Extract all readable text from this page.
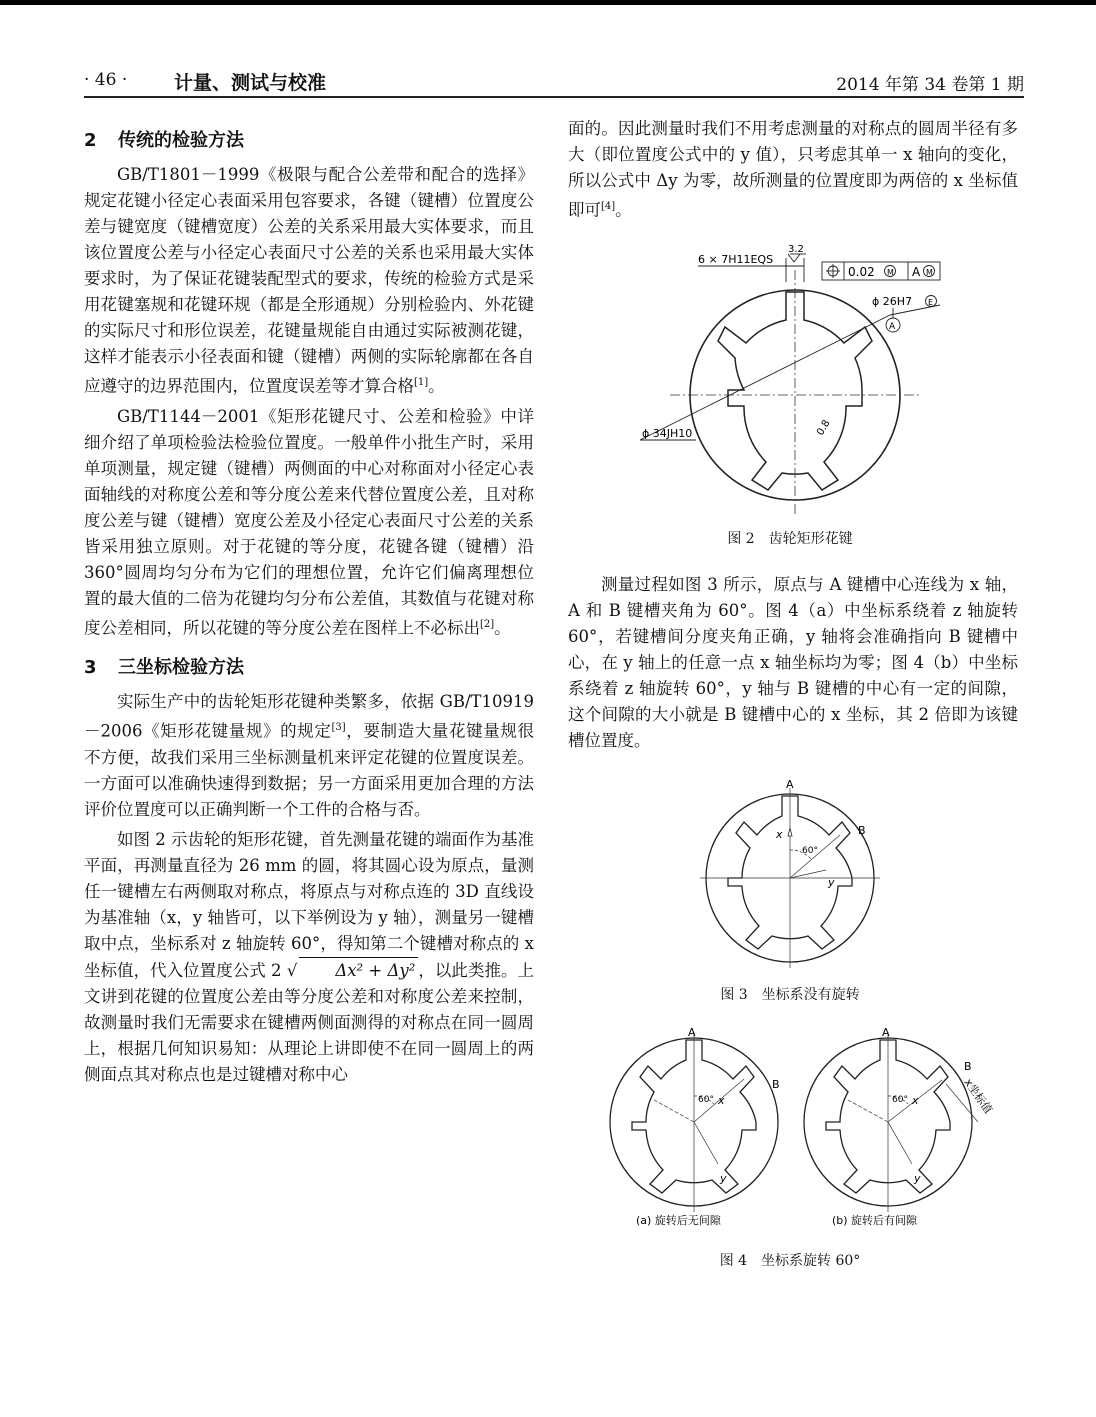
· 46 · 计量、测试与校准	2014 年第 34 卷第 1 期
2 传统的检验方法

GB/T1801－1999《极限与配合公差带和配合的选择》规定花键小径定心表面采用包容要求，各键（键槽）位置度公差与键宽度（键槽宽度）公差的关系采用最大实体要求，而且该位置度公差与小径定心表面尺寸公差的关系也采用最大实体要求时，为了保证花键装配型式的要求，传统的检验方式是采用花键塞规和花键环规（都是全形通规）分别检验内、外花键的实际尺寸和形位误差，花键量规能自由通过实际被测花键，这样才能表示小径表面和键（键槽）两侧的实际轮廓都在各自应遵守的边界范围内，位置度误差等才算合格[1]。

GB/T1144－2001《矩形花键尺寸、公差和检验》中详细介绍了单项检验法检验位置度。一般单件小批生产时，采用单项测量，规定键（键槽）两侧面的中心对称面对小径定心表面轴线的对称度公差和等分度公差来代替位置度公差，且对称度公差与键（键槽）宽度公差及小径定心表面尺寸公差的关系皆采用独立原则。对于花键的等分度，花键各键（键槽）沿 360°圆周均匀分布为它们的理想位置，允许它们偏离理想位置的最大值的二倍为花键均匀分布公差值，其数值与花键对称度公差相同，所以花键的等分度公差在图样上不必标出[2]。

3 三坐标检验方法

实际生产中的齿轮矩形花键种类繁多，依据 GB/T10919－2006《矩形花键量规》的规定[3]，要制造大量花键量规很不方便，故我们采用三坐标测量机来评定花键的位置度误差。一方面可以准确快速得到数据；另一方面采用更加合理的方法评价位置度可以正确判断一个工件的合格与否。

如图 2 示齿轮的矩形花键，首先测量花键的端面作为基准平面，再测量直径为 26 mm 的圆，将其圆心设为原点，量测任一键槽左右两侧取对称点，将原点与对称点连的 3D 直线设为基准轴（x，y 轴皆可，以下举例设为 y 轴），测量另一键槽取中点，坐标系对 z 轴旋转 60°，得知第二个键槽对称点的 x 坐标值，代入位置度公式 2 √ Δx² + Δy² ，以此类推。上文讲到花键的位置度公差由等分度公差和对称度公差来控制，故测量时我们无需要求在键槽两侧面测得的对称点在同一圆周上，根据几何知识易知：从理论上讲即使不在同一圆周上的两侧面点其对称点也是过键槽对称中心

面的。因此测量时我们不用考虑测量的对称点的圆周半径有多大（即位置度公式中的 y 值），只考虑其单一 x 轴向的变化，所以公式中 Δy 为零，故所测量的位置度即为两倍的 x 坐标值即可[4]。

6 × 7H11EQS
3.2
0.02 M A M
ϕ 26H7 E
A
ϕ 34JH10	0.8
图 2　齿轮矩形花键

测量过程如图 3 所示，原点与 A 键槽中心连线为 x 轴，A 和 B 键槽夹角为 60°。图 4（a）中坐标系绕着 z 轴旋转 60°，若键槽间分度夹角正确，y 轴将会准确指向 B 键槽中心，在 y 轴上的任意一点 x 轴坐标均为零；图 4（b）中坐标系绕着 z 轴旋转 60°，y 轴与 B 键槽的中心有一定的间隙，这个间隙的大小就是 B 键槽中心的 x 坐标，其 2 倍即为该键槽位置度。

A
B
x
y
60°
图 3　坐标系没有旋转
A
B
60° x
y
(a) 旋转后无间隙
A
B
60° x
y
x坐标值
(b) 旋转后有间隙
图 4　坐标系旋转 60°
